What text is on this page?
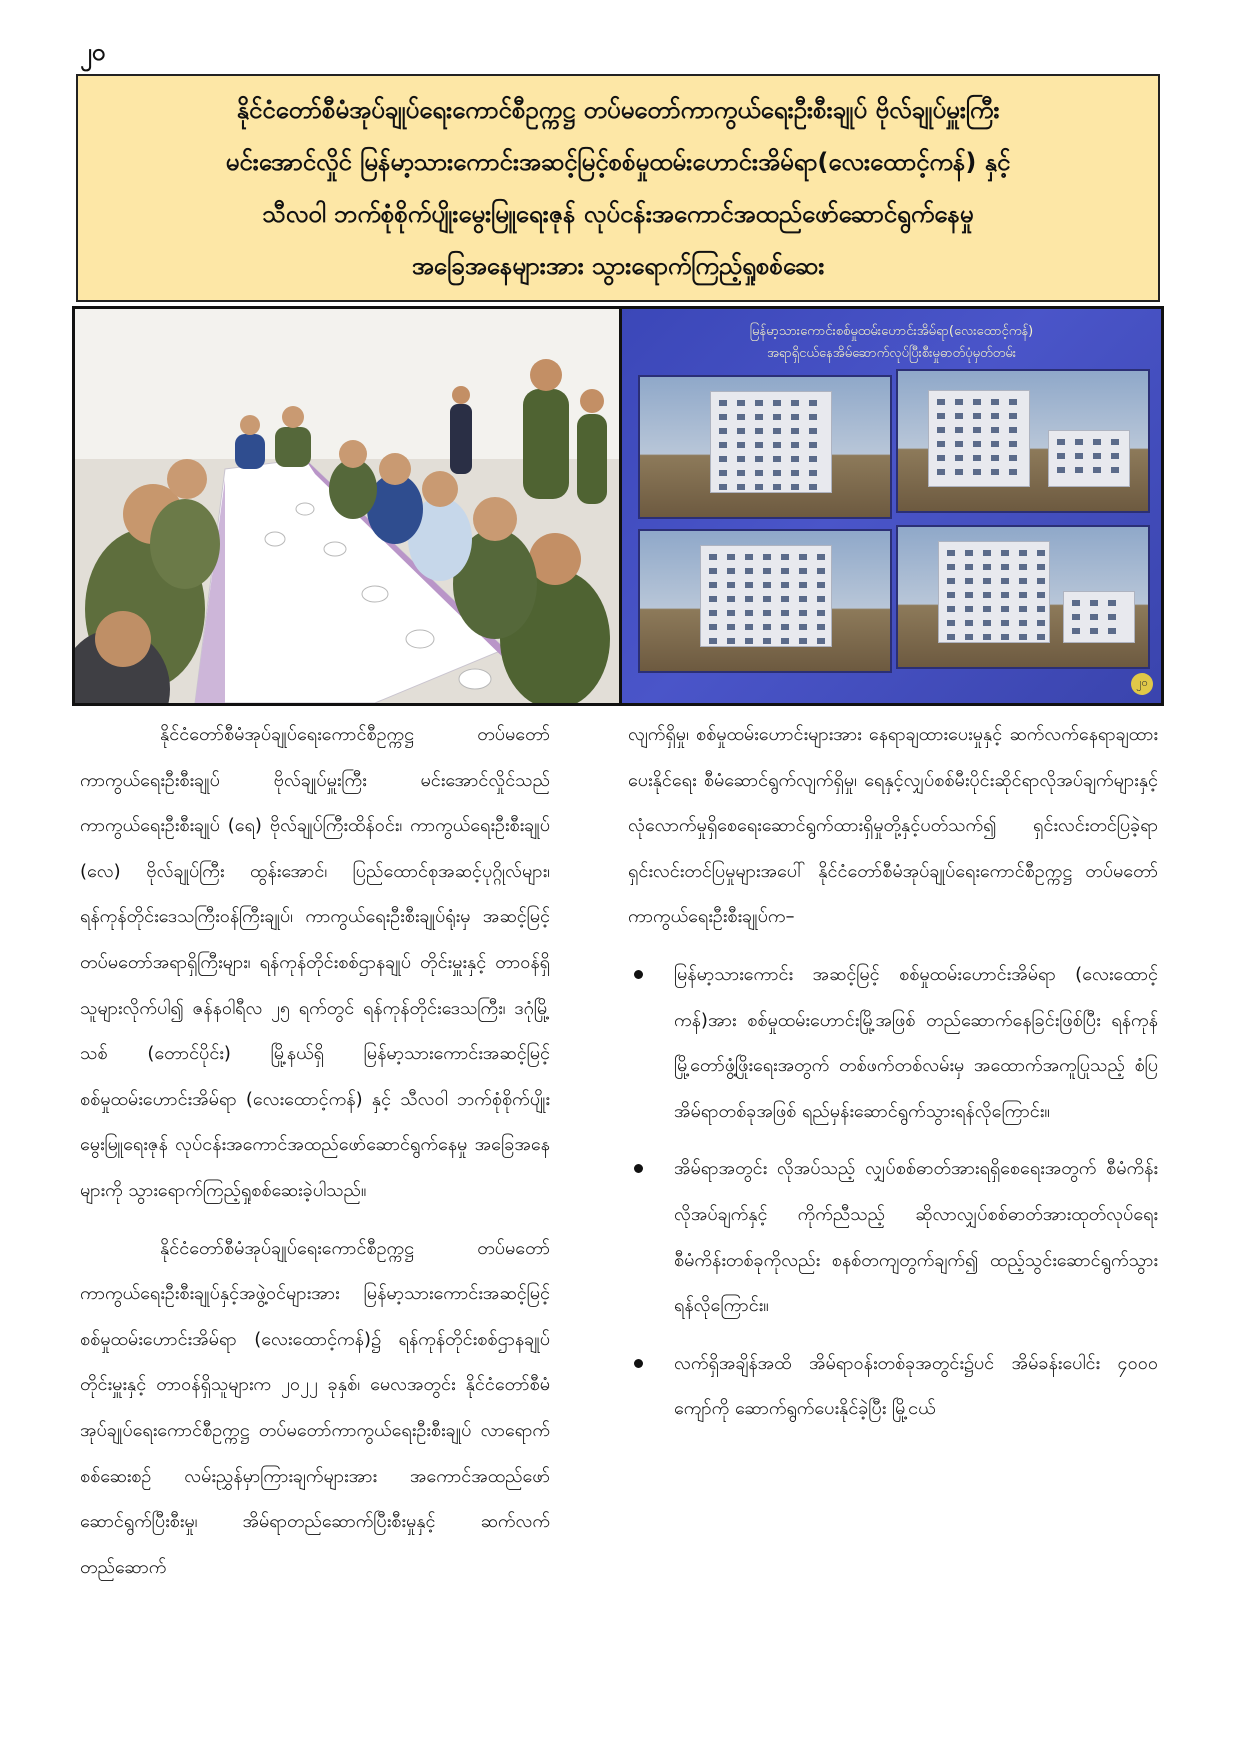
၂၀
နိုင်ငံတော်စီမံအုပ်ချုပ်ရေးကောင်စီဥက္ကဋ္ဌ တပ်မတော်ကာကွယ်ရေးဦးစီးချုပ် ဗိုလ်ချုပ်မှူးကြီး
မင်းအောင်လှိုင် မြန်မာ့သားကောင်းအဆင့်မြင့်စစ်မှုထမ်းဟောင်းအိမ်ရာ(လေးထောင့်ကန်) နှင့်
သီလဝါ ဘက်စုံစိုက်ပျိုးမွေးမြူရေးဇုန် လုပ်ငန်းအကောင်အထည်ဖော်ဆောင်ရွက်နေမှု
အခြေအနေများအား သွားရောက်ကြည့်ရှုစစ်ဆေး
မြန်မာ့သားကောင်းစစ်မှုထမ်းဟောင်းအိမ်ရာ(လေးထောင့်ကန်)
အရာရှိငယ်နေအိမ်ဆောက်လုပ်ပြီးစီးမှုဓာတ်ပုံမှတ်တမ်း
၂၀

နိုင်ငံတော်စီမံအုပ်ချုပ်ရေးကောင်စီဥက္ကဋ္ဌ တပ်မတော်ကာကွယ်ရေးဦးစီးချုပ် ဗိုလ်ချုပ်မှူးကြီး မင်းအောင်လှိုင်သည် ကာကွယ်ရေးဦးစီးချုပ် (ရေ) ဗိုလ်ချုပ်ကြီးထိန်ဝင်း၊ ကာကွယ်ရေးဦးစီးချုပ် (လေ) ဗိုလ်ချုပ်ကြီး ထွန်းအောင်၊ ပြည်ထောင်စုအဆင့်ပုဂ္ဂိုလ်များ၊ ရန်ကုန်တိုင်းဒေသကြီးဝန်ကြီးချုပ်၊ ကာကွယ်ရေးဦးစီးချုပ်ရုံးမှ အဆင့်မြင့်တပ်မတော်အရာရှိကြီးများ၊ ရန်ကုန်တိုင်းစစ်ဌာနချုပ် တိုင်းမှူးနှင့် တာဝန်ရှိသူများလိုက်ပါ၍ ဇန်နဝါရီလ ၂၅ ရက်တွင် ရန်ကုန်တိုင်းဒေသကြီး၊ ဒဂုံမြို့သစ် (တောင်ပိုင်း) မြို့နယ်ရှိ မြန်မာ့သားကောင်းအဆင့်မြင့်စစ်မှုထမ်းဟောင်းအိမ်ရာ (လေးထောင့်ကန်) နှင့် သီလဝါ ဘက်စုံစိုက်ပျိုးမွေးမြူရေးဇုန် လုပ်ငန်းအကောင်အထည်ဖော်ဆောင်ရွက်နေမှု အခြေအနေများကို သွားရောက်ကြည့်ရှုစစ်ဆေးခဲ့ပါသည်။

နိုင်ငံတော်စီမံအုပ်ချုပ်ရေးကောင်စီဥက္ကဋ္ဌ တပ်မတော်ကာကွယ်ရေးဦးစီးချုပ်နှင့်အဖွဲ့ဝင်များအား မြန်မာ့သားကောင်းအဆင့်မြင့်စစ်မှုထမ်းဟောင်းအိမ်ရာ (လေးထောင့်ကန်)၌ ရန်ကုန်တိုင်းစစ်ဌာနချုပ်တိုင်းမှူးနှင့် တာဝန်ရှိသူများက ၂၀၂၂ ခုနှစ်၊ မေလအတွင်း နိုင်ငံတော်စီမံအုပ်ချုပ်ရေးကောင်စီဥက္ကဋ္ဌ တပ်မတော်ကာကွယ်ရေးဦးစီးချုပ် လာရောက်စစ်ဆေးစဉ် လမ်းညွှန်မှာကြားချက်များအား အကောင်အထည်ဖော်ဆောင်ရွက်ပြီးစီးမှု၊ အိမ်ရာတည်ဆောက်ပြီးစီးမှုနှင့် ဆက်လက်တည်ဆောက်

လျက်ရှိမှု၊ စစ်မှုထမ်းဟောင်းများအား နေရာချထားပေးမှုနှင့် ဆက်လက်နေရာချထားပေးနိုင်ရေး စီမံဆောင်ရွက်လျက်ရှိမှု၊ ရေနှင့်လျှပ်စစ်မီးပိုင်းဆိုင်ရာလိုအပ်ချက်များနှင့် လုံလောက်မှုရှိစေရေးဆောင်ရွက်ထားရှိမှုတို့နှင့်ပတ်သက်၍ ရှင်းလင်းတင်ပြခဲ့ရာ ရှင်းလင်းတင်ပြမှုများအပေါ် နိုင်ငံတော်စီမံအုပ်ချုပ်ရေးကောင်စီဥက္ကဋ္ဌ တပ်မတော်ကာကွယ်ရေးဦးစီးချုပ်က–

မြန်မာ့သားကောင်း အဆင့်မြင့် စစ်မှုထမ်းဟောင်းအိမ်ရာ (လေးထောင့်ကန်)အား စစ်မှုထမ်းဟောင်းမြို့အဖြစ် တည်ဆောက်နေခြင်းဖြစ်ပြီး ရန်ကုန်မြို့တော်ဖွံ့ဖြိုးရေးအတွက် တစ်ဖက်တစ်လမ်းမှ အထောက်အကူပြုသည့် စံပြအိမ်ရာတစ်ခုအဖြစ် ရည်မှန်းဆောင်ရွက်သွားရန်လိုကြောင်း။
အိမ်ရာအတွင်း လိုအပ်သည့် လျှပ်စစ်ဓာတ်အားရရှိစေရေးအတွက် စီမံကိန်းလိုအပ်ချက်နှင့် ကိုက်ညီသည့် ဆိုလာလျှပ်စစ်ဓာတ်အားထုတ်လုပ်ရေးစီမံကိန်းတစ်ခုကိုလည်း စနစ်တကျတွက်ချက်၍ ထည့်သွင်းဆောင်ရွက်သွားရန်လိုကြောင်း။
လက်ရှိအချိန်အထိ အိမ်ရာဝန်းတစ်ခုအတွင်း၌ပင် အိမ်ခန်းပေါင်း ၄၀၀၀ ကျော်ကို ဆောက်ရွက်ပေးနိုင်ခဲ့ပြီး မြို့ငယ်
